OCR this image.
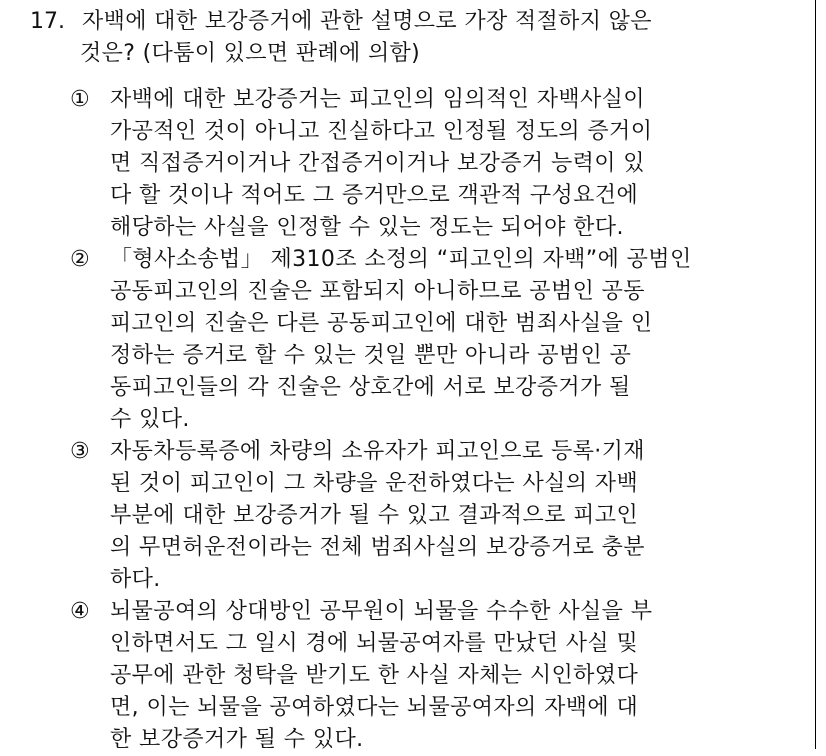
17. 자백에 대한 보강증거에 관한 설명으로 가장 적절하지 않은
것은? (다툼이 있으면 판례에 의함)
① 자백에 대한 보강증거는 피고인의 임의적인 자백사실이
가공적인 것이 아니고 진실하다고 인정될 정도의 증거이
면 직접증거이거나 간접증거이거나 보강증거 능력이 있
다 할 것이나 적어도 그 증거만으로 객관적 구성요건에
해당하는 사실을 인정할 수 있는 정도는 되어야 한다.
② 「형사소송법」 제310조 소정의 “피고인의 자백”에 공범인
공동피고인의 진술은 포함되지 아니하므로 공범인 공동
피고인의 진술은 다른 공동피고인에 대한 범죄사실을 인
정하는 증거로 할 수 있는 것일 뿐만 아니라 공범인 공
동피고인들의 각 진술은 상호간에 서로 보강증거가 될
수 있다.
③ 자동차등록증에 차량의 소유자가 피고인으로 등록·기재
된 것이 피고인이 그 차량을 운전하였다는 사실의 자백
부분에 대한 보강증거가 될 수 있고 결과적으로 피고인
의 무면허운전이라는 전체 범죄사실의 보강증거로 충분
하다.
④ 뇌물공여의 상대방인 공무원이 뇌물을 수수한 사실을 부
인하면서도 그 일시 경에 뇌물공여자를 만났던 사실 및
공무에 관한 청탁을 받기도 한 사실 자체는 시인하였다
면, 이는 뇌물을 공여하였다는 뇌물공여자의 자백에 대
한 보강증거가 될 수 있다.
